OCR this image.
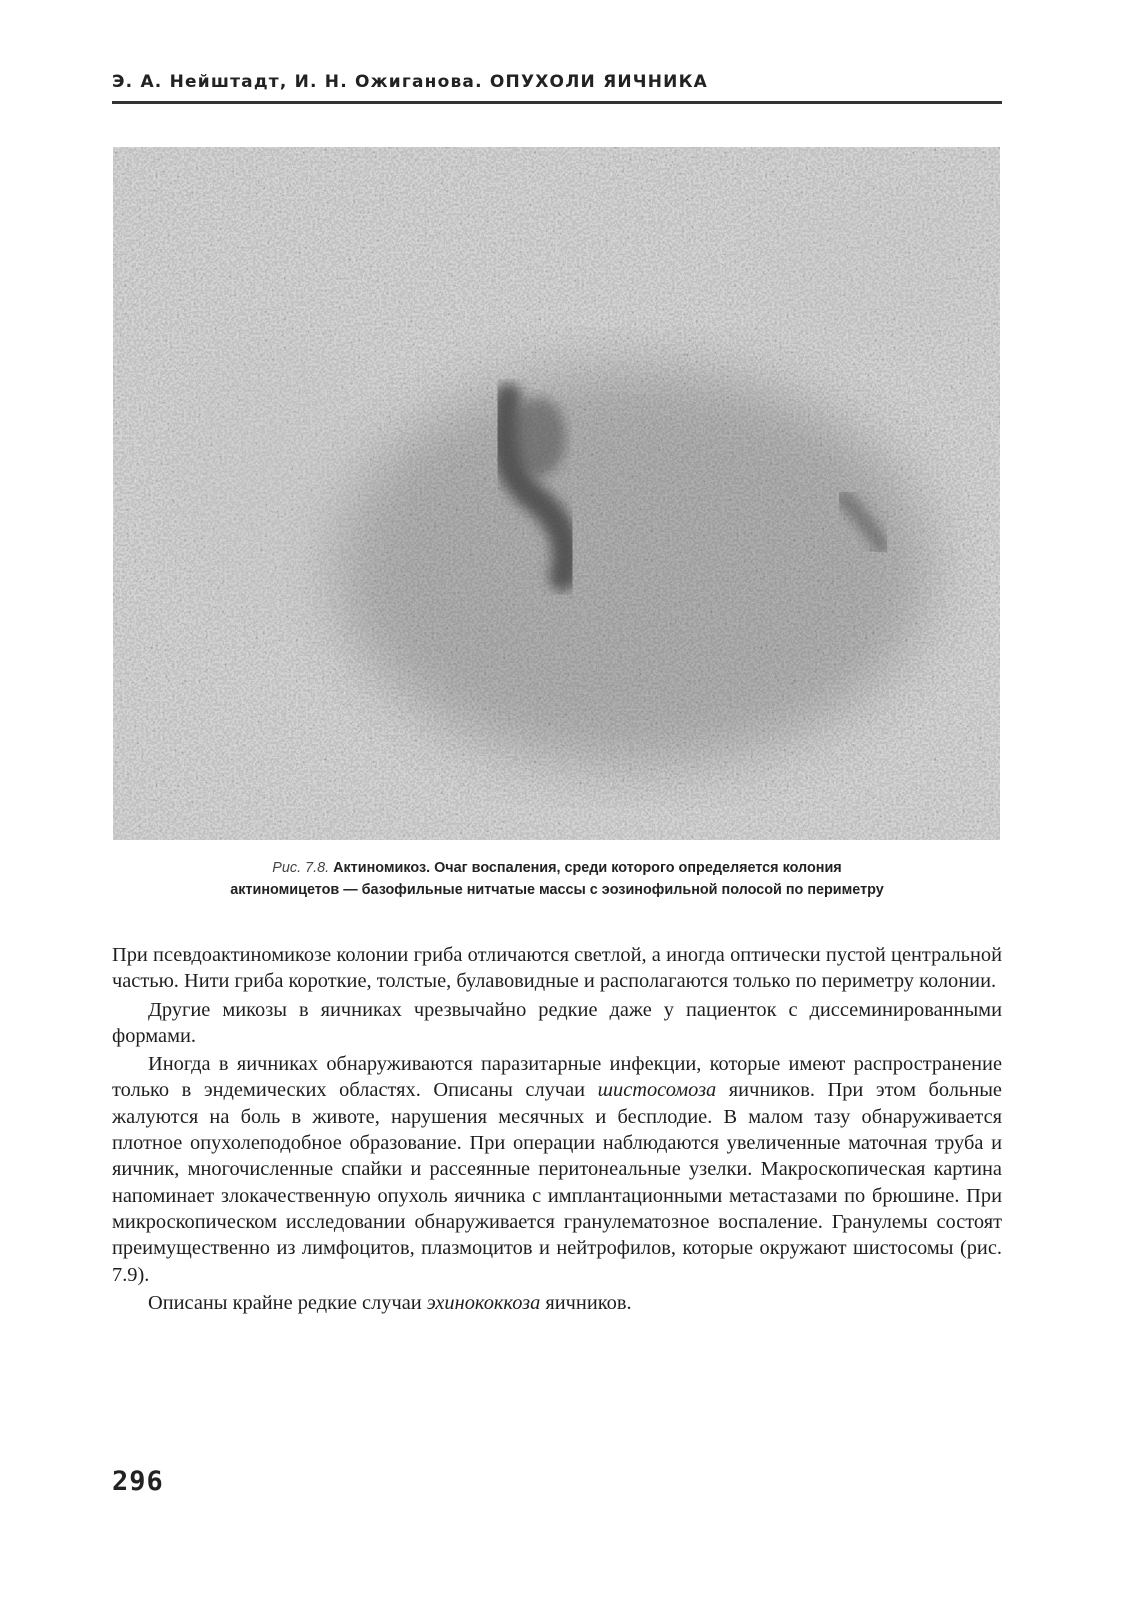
Э. А. Нейштадт, И. Н. Ожиганова. ОПУХОЛИ ЯИЧНИКА
Рис. 7.8. Актиномикоз. Очаг воспаления, среди которого определяется колония
актиномицетов — базофильные нитчатые массы с эозинофильной полосой по периметру

При псевдоактиномикозе колонии гриба отличаются светлой, а иногда оптически пустой центральной частью. Нити гриба короткие, толстые, булавовидные и располагаются только по периметру колонии.

Другие микозы в яичниках чрезвычайно редкие даже у пациенток с диссеминированными формами.

Иногда в яичниках обнаруживаются паразитарные инфекции, которые имеют распространение только в эндемических областях. Описаны случаи шистосомоза яичников. При этом больные жалуются на боль в животе, нарушения месячных и бесплодие. В малом тазу обнаруживается плотное опухолеподобное образование. При операции наблюдаются увеличенные маточная труба и яичник, многочисленные спайки и рассеянные перитонеальные узелки. Макроскопическая картина напоминает злокачественную опухоль яичника с имплантационными метастазами по брюшине. При микроскопическом исследовании обнаруживается гранулематозное воспаление. Гранулемы состоят преимущественно из лимфоцитов, плазмоцитов и нейтрофилов, которые окружают шистосомы (рис. 7.9).

Описаны крайне редкие случаи эхинококкоза яичников.

296
